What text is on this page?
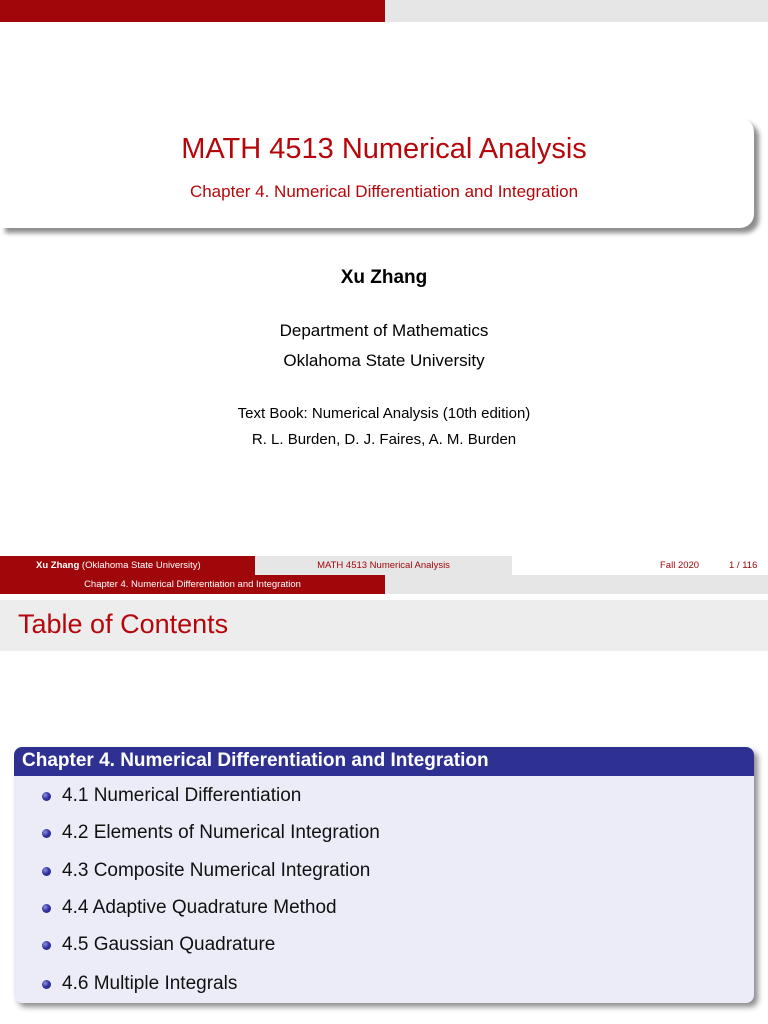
MATH 4513 Numerical Analysis
Chapter 4. Numerical Differentiation and Integration
Xu Zhang
Department of Mathematics
Oklahoma State University
Text Book: Numerical Analysis (10th edition)
R. L. Burden, D. J. Faires, A. M. Burden
Xu Zhang (Oklahoma State University)	MATH 4513 Numerical Analysis	Fall 2020	1 / 116
Chapter 4. Numerical Differentiation and Integration
Table of Contents
Chapter 4. Numerical Differentiation and Integration
4.1 Numerical Differentiation
4.2 Elements of Numerical Integration
4.3 Composite Numerical Integration
4.4 Adaptive Quadrature Method
4.5 Gaussian Quadrature
4.6 Multiple Integrals
